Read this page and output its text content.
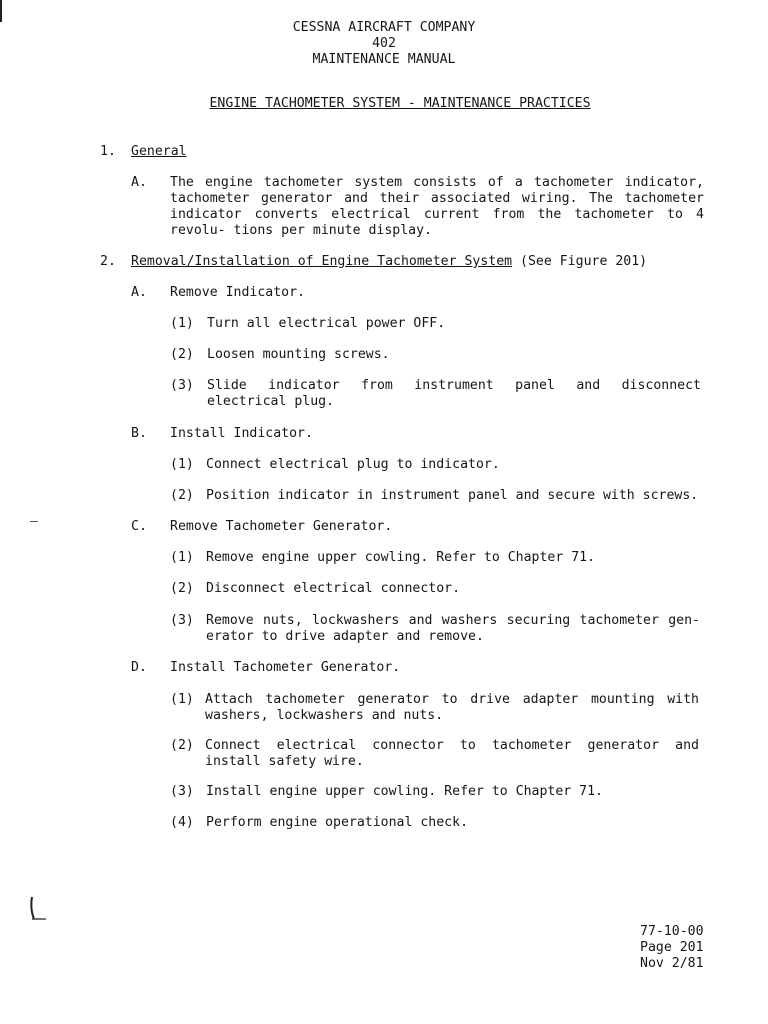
CESSNA AIRCRAFT COMPANY
402
MAINTENANCE MANUAL
ENGINE TACHOMETER SYSTEM - MAINTENANCE PRACTICES
1. General
A. The engine tachometer system consists of a tachometer indicator, tachometer generator and their associated wiring. The tachometer indicator converts electrical current from the tachometer to 4 revolu- tions per minute display.
2. Removal/Installation of Engine Tachometer System (See Figure 201)
A. Remove Indicator.
(1) Turn all electrical power OFF.
(2) Loosen mounting screws.
(3) Slide indicator from instrument panel and disconnect electrical plug.
B. Install Indicator.
(1) Connect electrical plug to indicator.
(2) Position indicator in instrument panel and secure with screws.
C. Remove Tachometer Generator.
(1) Remove engine upper cowling. Refer to Chapter 71.
(2) Disconnect electrical connector.
(3) Remove nuts, lockwashers and washers securing tachometer gen- erator to drive adapter and remove.
D. Install Tachometer Generator.
(1) Attach tachometer generator to drive adapter mounting with washers, lockwashers and nuts.
(2) Connect electrical connector to tachometer generator and install safety wire.
(3) Install engine upper cowling. Refer to Chapter 71.
(4) Perform engine operational check.
77-10-00
Page 201
Nov 2/81
